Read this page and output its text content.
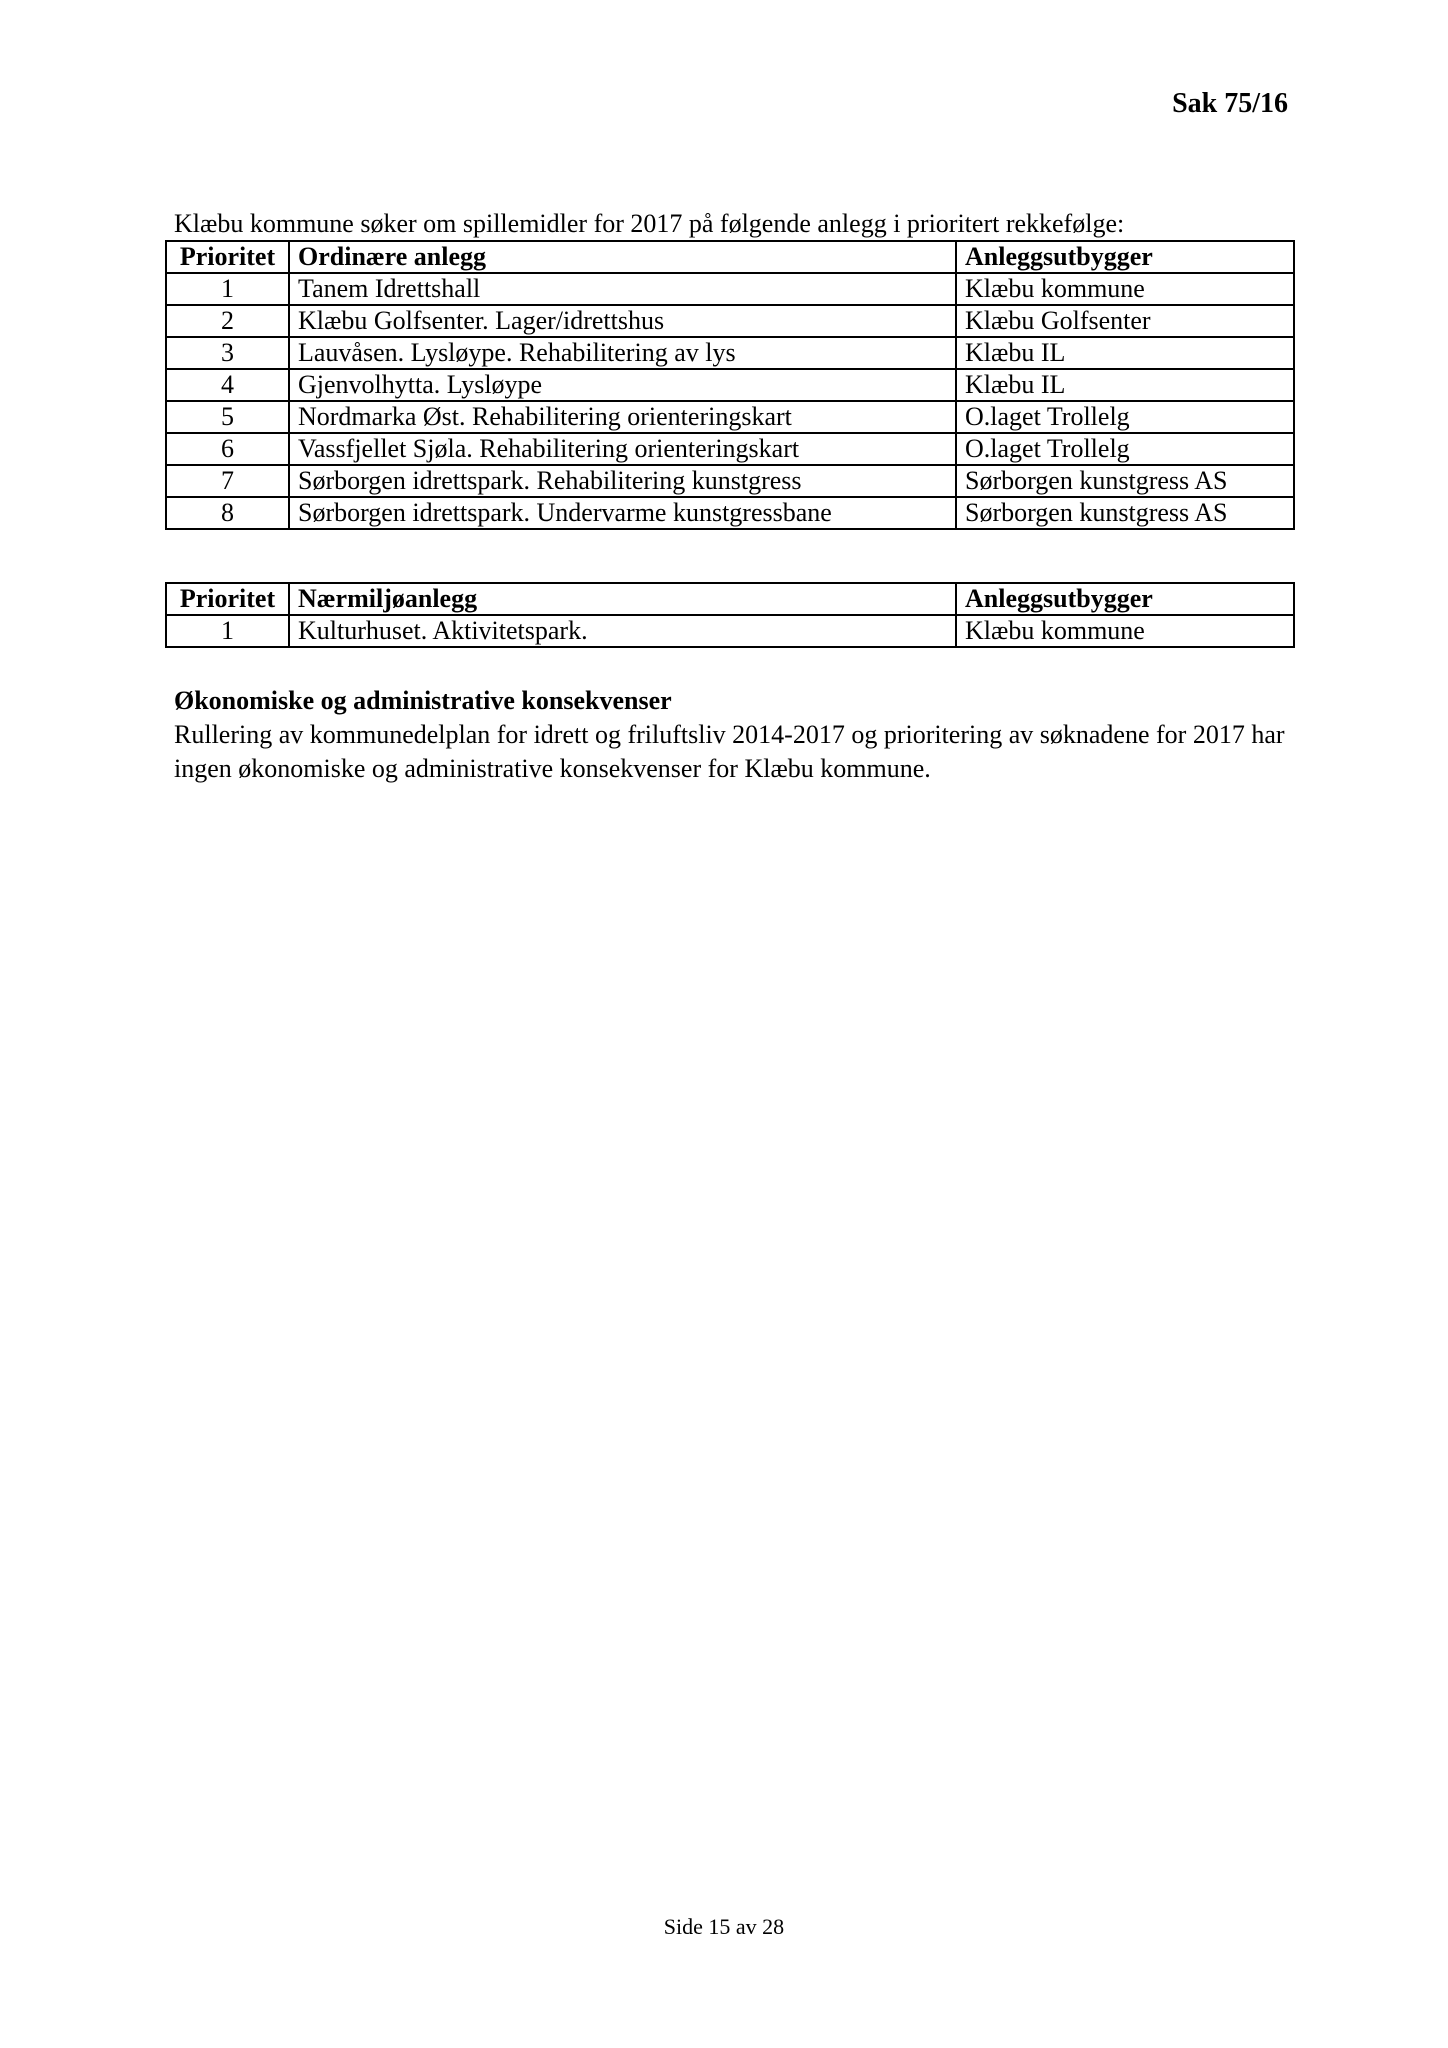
Sak 75/16
Klæbu kommune søker om spillemidler for 2017 på følgende anlegg i prioritert rekkefølge:
Prioritet	Ordinære anlegg	Anleggsutbygger
1	Tanem Idrettshall	Klæbu kommune
2	Klæbu Golfsenter. Lager/idrettshus	Klæbu Golfsenter
3	Lauvåsen. Lysløype. Rehabilitering av lys	Klæbu IL
4	Gjenvolhytta. Lysløype	Klæbu IL
5	Nordmarka Øst. Rehabilitering orienteringskart	O.laget Trollelg
6	Vassfjellet Sjøla. Rehabilitering orienteringskart	O.laget Trollelg
7	Sørborgen idrettspark. Rehabilitering kunstgress	Sørborgen kunstgress AS
8	Sørborgen idrettspark. Undervarme kunstgressbane	Sørborgen kunstgress AS
Prioritet	Nærmiljøanlegg	Anleggsutbygger
1	Kulturhuset. Aktivitetspark.	Klæbu kommune
Økonomiske og administrative konsekvenser
Rullering av kommunedelplan for idrett og friluftsliv 2014-2017 og prioritering av søknadene for 2017 har ingen økonomiske og administrative konsekvenser for Klæbu kommune.
Side 15 av 28
